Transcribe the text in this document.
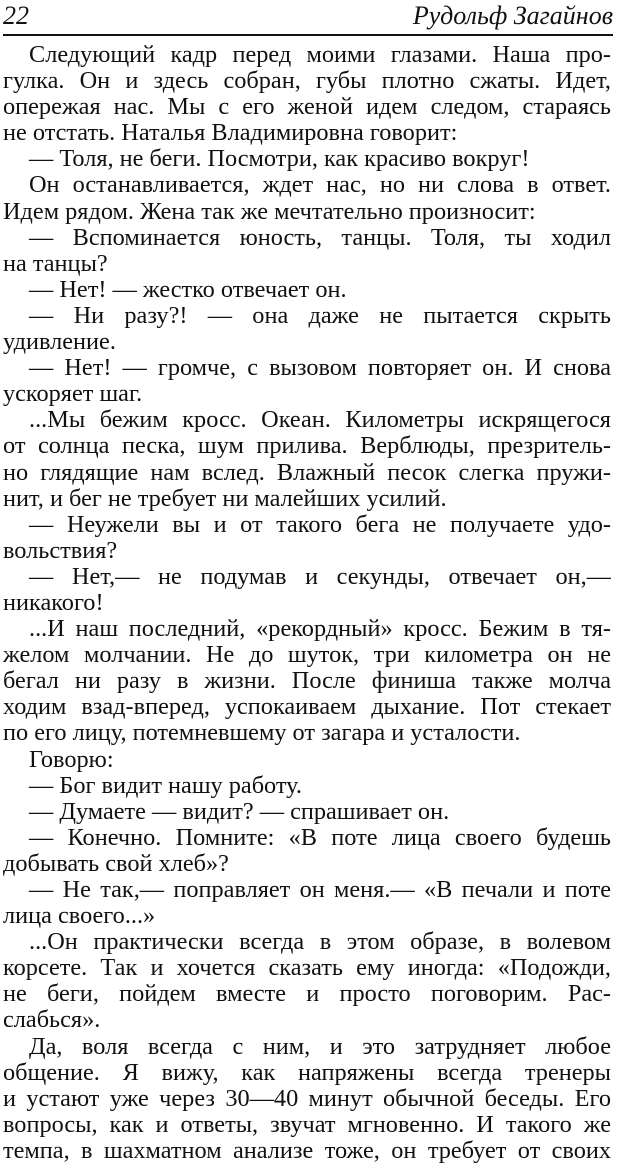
22	Рудольф Загайнов
Следующий кадр перед моими глазами. Наша про-
гулка. Он и здесь собран, губы плотно сжаты. Идет,
опережая нас. Мы с его женой идем следом, стараясь
не отстать. Наталья Владимировна говорит:
— Толя, не беги. Посмотри, как красиво вокруг!
Он останавливается, ждет нас, но ни слова в ответ.
Идем рядом. Жена так же мечтательно произносит:
— Вспоминается юность, танцы. Толя, ты ходил
на танцы?
— Нет! — жестко отвечает он.
— Ни разу?! — она даже не пытается скрыть
удивление.
— Нет! — громче, с вызовом повторяет он. И снова
ускоряет шаг.
...Мы бежим кросс. Океан. Километры искрящегося
от солнца песка, шум прилива. Верблюды, презритель-
но глядящие нам вслед. Влажный песок слегка пружи-
нит, и бег не требует ни малейших усилий.
— Неужели вы и от такого бега не получаете удо-
вольствия?
— Нет,— не подумав и секунды, отвечает он,—
никакого!
...И наш последний, «рекордный» кросс. Бежим в тя-
желом молчании. Не до шуток, три километра он не
бегал ни разу в жизни. После финиша также молча
ходим взад-вперед, успокаиваем дыхание. Пот стекает
по его лицу, потемневшему от загара и усталости.
Говорю:
— Бог видит нашу работу.
— Думаете — видит? — спрашивает он.
— Конечно. Помните: «В поте лица своего будешь
добывать свой хлеб»?
— Не так,— поправляет он меня.— «В печали и поте
лица своего...»
...Он практически всегда в этом образе, в волевом
корсете. Так и хочется сказать ему иногда: «Подожди,
не беги, пойдем вместе и просто поговорим. Рас-
слабься».
Да, воля всегда с ним, и это затрудняет любое
общение. Я вижу, как напряжены всегда тренеры
и устают уже через 30—40 минут обычной беседы. Его
вопросы, как и ответы, звучат мгновенно. И такого же
темпа, в шахматном анализе тоже, он требует от своих
